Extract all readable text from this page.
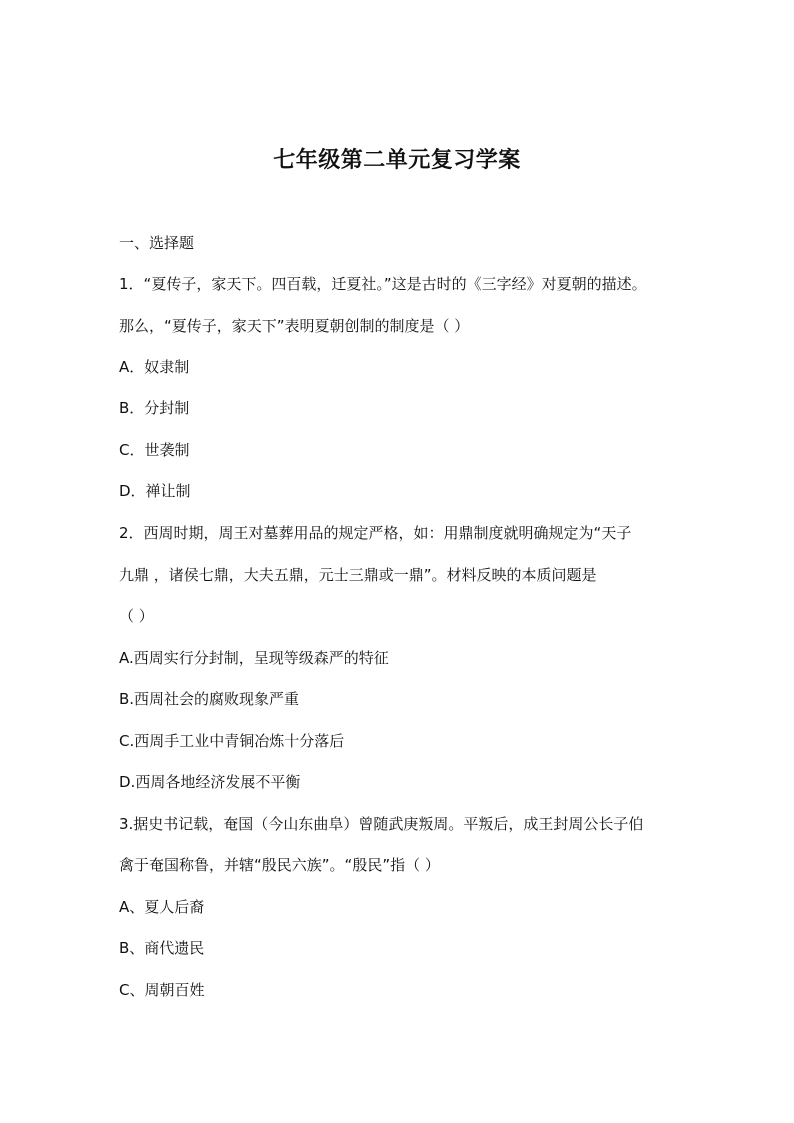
七年级第二单元复习学案
一、选择题
1．“夏传子，家天下。四百载，迁夏社。”这是古时的《三字经》对夏朝的描述。
那么，“夏传子，家天下”表明夏朝创制的制度是（ ）
A．奴隶制
B．分封制
C．世袭制
D．禅让制
2．西周时期，周王对墓葬用品的规定严格，如：用鼎制度就明确规定为“天子
九鼎 ，诸侯七鼎，大夫五鼎，元士三鼎或一鼎”。材料反映的本质问题是
（ ）
A.西周实行分封制，呈现等级森严的特征
B.西周社会的腐败现象严重
C.西周手工业中青铜冶炼十分落后
D.西周各地经济发展不平衡
3.据史书记载，奄国（今山东曲阜）曾随武庚叛周。平叛后，成王封周公长子伯
禽于奄国称鲁，并辖“殷民六族”。“殷民”指（ ）
A、夏人后裔
B、商代遗民
C、周朝百姓
